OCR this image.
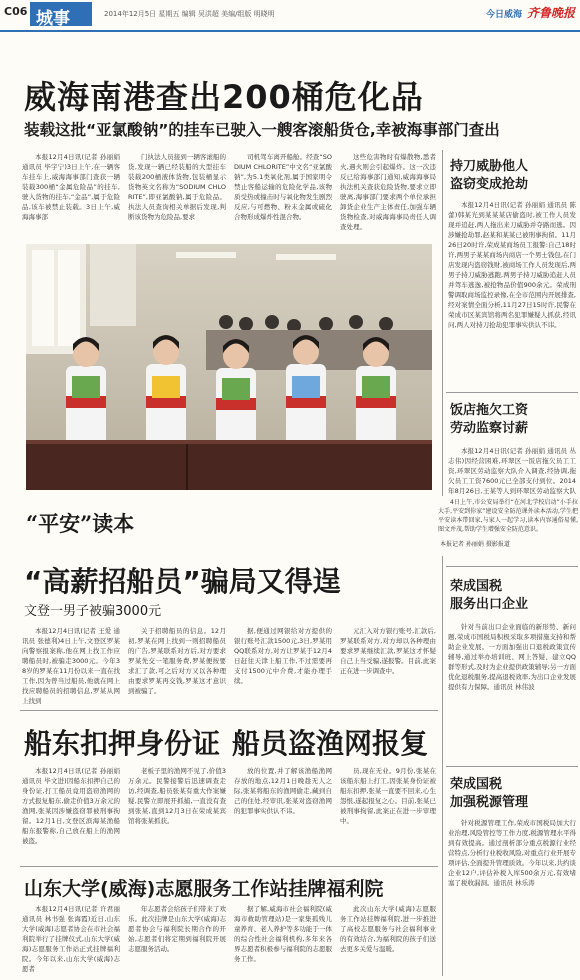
C06 城事	2014年12月5日 星期五 编辑 吴洪超 美编/组版 明晓明	今日威海 齐鲁晚报
威海南港查出200桶危化品
装载这批“亚氯酸钠”的挂车已驶入一艘客滚船货仓,幸被海事部门查出

本报12月4日讯(记者 孙丽娟 通讯员 毕宇宁)3日上午,在一辆客车挂车上,威海海事部门查获一辆装载300桶“金属危险品”的挂车,驶入货物的挂车,“金品”,属于危险品,该车被禁止装载。3日上午,威海海事部

门执法人员接到一辆客滚船的货,发现一辆已经装船的大型挂车装载200桶液体货物,包装桶显示货物英文名称为“SODIUM CHLORITE”,即亚氯酸钠,属于危险品。执法人员查询相关单据后发现,判断该货物为危险品,要求

司机驾车离开船舱。经查“SODIUM CHLORITE”中文名“亚氯酸钠”,为5.1类氧化剂,属于国家明令禁止客船运输的危险化学品,该物质受热或撞击时与氧化物发生剧烈反应,与可燃物、粉末金属或硫化合物形成爆炸性混合物。

这些危害物时有爆散物,悉者火,遇火则会引起爆炸。这一次违反已给海事部门通知,威海海事局执法机关查获危险货物,要求立即驶离,海事部门要求两个单位承担卸货企业生产主体责任,加强车辆货物检查,对威海海事局责任人调查处理。

4日上午,市公安局举行“在河北学校启动”小手拉大手,平安到你家”建设安全防范课外读本活动,学生把平安读本带回家,与家人一起学习,读本内容通俗易懂,图文并茂,帮助学生增强安全防范意识。

本报记者 孙丽娟 摄影报道
“平安”读本
“高薪招船员”骗局又得逞
文登一男子被骗3000元

本报12月4日讯(记者 王爱 通讯员 张德利)4日上午,文登区罗某向警察报案称,他在网上找工作应聘船员时,被骗走3000元。今年38岁的罗某在11月份以来一直在找工作,因为曾当过船员,他就在网上找应聘船员的招聘信息,罗某从网上找到

关于招聘船员的信息。12月初,罗某在网上找到一则招聘船员的广告,罗某联系对方后,对方要求罗某先交一笔服务费,罗某便按要求汇了款,可之后对方又以各种理由要求罗某再交钱,罗某这才意识到被骗了。

据,便通过网银给对方提供的银行账号汇款1500元,3日,罗某用QQ联系对方,对方让罗某于12月4日赶往天津上船工作,不过需要再支付1500元中介费,才能办理手续。

元汇入对方银行账号,汇款后,罗某联系对方,对方却以各种理由要求罗某继续汇款,罗某这才怀疑自己上当受骗,遂报警。目前,此案正在进一步调查中。

船东扣押身份证 船员盗渔网报复

本报12月4日讯(记者 孙丽娟 通讯员 毕文进)因船东扣押自己的身份证,打工船员竟用盗窃渔网的方式报复船东,偷走价值3万余元的渔网,张某因涉嫌盗窃罪被刑事拘留。12月1日,文登区滨海某渔船船东报警称,自己放在船上的渔网被盗。

老板子里的渔网不见了,价值3万余元。民警接警后迅速调查走访,经调查,船员张某有重大作案嫌疑,民警立即展开抓捕,一直没有查到张某,直到12月3日在荣成某宾馆将张某抓获。

放的位置,并了解该渔船渔网存放的地点,12月1日晚趁无人之际,张某将船东的渔网偷走,藏到自己的住处,经审讯,张某对盗窃渔网的犯罪事实供认不讳。

员,现在无业。9月份,张某在该船东船上打工,因张某身份证被船东扣押,张某一直要不回来,心生怨恨,遂起报复之心。目前,张某已被刑事拘留,此案正在进一步审理中。

山东大学(威海)志愿服务工作站挂牌福利院

本报12月4日讯(记者 许君丽 通讯员 林书强 张海霞)近日,山东大学(威海)志愿者协会在市社会福利院举行了挂牌仪式,山东大学(威海)志愿服务工作站正式挂牌福利院。今年以来,山东大学(威海)志愿者

年志愿者会给孩子们带来了欢乐。此次挂牌是山东大学(威海)志愿者协会与福利院长期合作的开始,志愿者们将定期到福利院开展志愿服务活动。

据了解,威海市社会福利院(威海市救助管理站)是一家集孤残儿童养育、老人养护等多功能于一体的综合性社会福利机构,多年来各界志愿者积极参与福利院的志愿服务工作。

此次山东大学(威海)志愿服务工作站挂牌福利院,进一步推进了高校志愿服务与社会福利事业的有效结合,为福利院的孩子们送去更多关爱与温暖。

持刀威胁他人
盗窃变成抢劫

本报12月4日讯(记者 孙丽娟 通讯员 陈蕾)韩某光到某某某店偷盗时,被工作人员发现并追赶,两人拖出来刀威胁并夺路而逃。因涉嫌抢劫罪,赵某和某某已被刑事拘留。11月26日20时许,荣成某商场员工报警:自己18时许,两男子某某商场内商店一个男士钱包,在门店发现内盗窃钱财,被商场工作人员发现后,两男子持刀威胁逃跑,两男子持刀威胁追赶人员并驾车逃逸,被抢物品价值900余元。荣成刑警调取商场监控录像,在全市范围内开展排查,经对案情全面分析,11月27日15时许,民警在荣成市区某宾馆将两名犯罪嫌疑人抓获,经讯问,两人对持刀抢劫犯罪事实供认不讳。

饭店拖欠工资
劳动监察讨薪

本报12月4日讯(记者 孙丽娟 通讯员 丛志伟)因经营困难,环翠区一饭店拖欠员工工资,环翠区劳动监察大队介入调查,经协调,拖欠员工工资7600元已全部支付到位。2014年8月26日,王某等人到环翠区劳动监察大队

荣成国税
服务出口企业

针对当前出口企业面临的新形势、新问题,荣成市国税局积极采取多项措施支持和帮助企业发展。一方面加强出口退税政策宣传辅导,通过举办培训班、网上答疑、建立QQ群等形式,及时为企业提供政策辅导;另一方面优化退税服务,提高退税效率,为出口企业发展提供有力保障。通讯员 林伟波

荣成国税
加强税源管理

针对税源管理工作,荣成市国税局加大行业治理,风险管控等工作力度,税源管理水平得到有效提高。通过剖析部分重点税源行业经营特点,分析行业税收风险,对重点行业开展专项评估,全面提升管理质效。今年以来,共约谈企业12户,评估补税入库500余万元,有效堵塞了税收漏洞。通讯员 林乐涛
